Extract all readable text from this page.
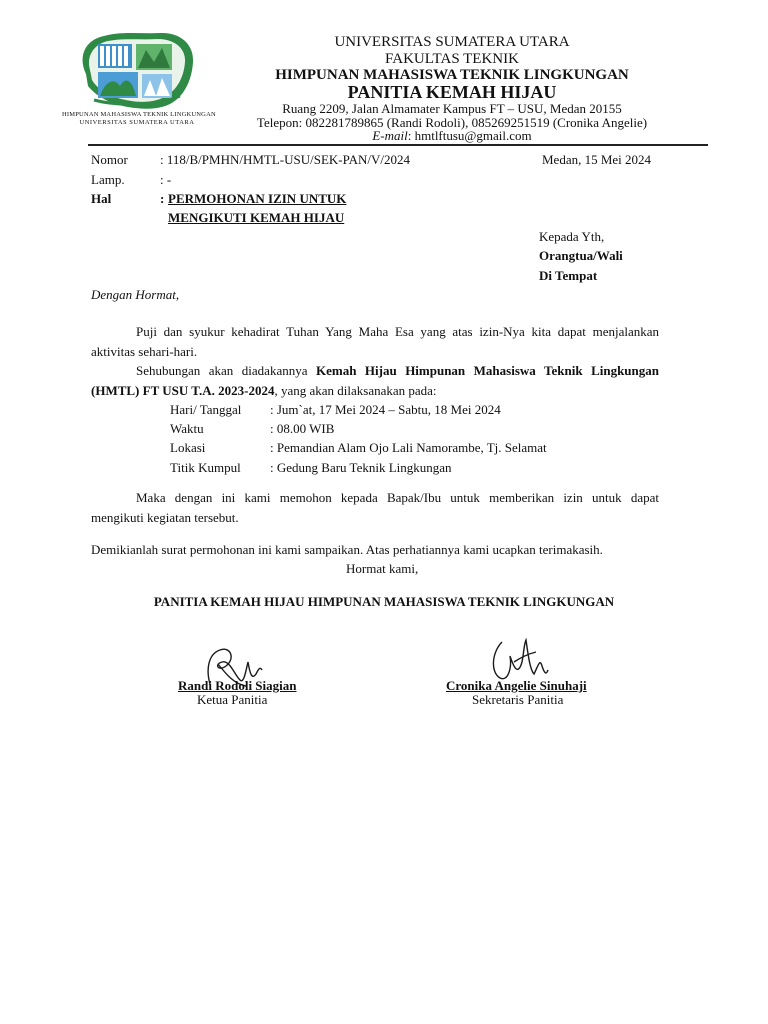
HIMPUNAN MAHASISWA TEKNIK LINGKUNGAN
UNIVERSITAS SUMATERA UTARA
UNIVERSITAS SUMATERA UTARA
FAKULTAS TEKNIK
HIMPUNAN MAHASISWA TEKNIK LINGKUNGAN
PANITIA KEMAH HIJAU
Ruang 2209, Jalan Almamater Kampus FT – USU, Medan 20155
Telepon: 082281789865 (Randi Rodoli), 085269251519 (Cronika Angelie)
E-mail: hmtlftusu@gmail.com
Nomor : 118/B/PMHN/HMTL-USU/SEK-PAN/V/2024	Medan, 15 Mei 2024
Lamp.	: -
Hal	: PERMOHONAN IZIN UNTUK
MENGIKUTI KEMAH HIJAU
Kepada Yth,
Orangtua/Wali
Di Tempat
Dengan Hormat,
Puji dan syukur kehadirat Tuhan Yang Maha Esa yang atas izin-Nya kita dapat menjalankan
aktivitas sehari-hari.
Sehubungan akan diadakannya Kemah Hijau Himpunan Mahasiswa Teknik Lingkungan
(HMTL) FT USU T.A. 2023-2024, yang akan dilaksanakan pada:
Hari/ Tanggal : Jum`at, 17 Mei 2024 – Sabtu, 18 Mei 2024
Waktu	: 08.00 WIB
Lokasi	: Pemandian Alam Ojo Lali Namorambe, Tj. Selamat
Titik Kumpul : Gedung Baru Teknik Lingkungan
Maka dengan ini kami memohon kepada Bapak/Ibu untuk memberikan izin untuk dapat
mengikuti kegiatan tersebut.
Demikianlah surat permohonan ini kami sampaikan. Atas perhatiannya kami ucapkan terimakasih.
Hormat kami,
PANITIA KEMAH HIJAU HIMPUNAN MAHASISWA TEKNIK LINGKUNGAN
Randi Rodoli Siagian
Ketua Panitia
Cronika Angelie Sinuhaji
Sekretaris Panitia
